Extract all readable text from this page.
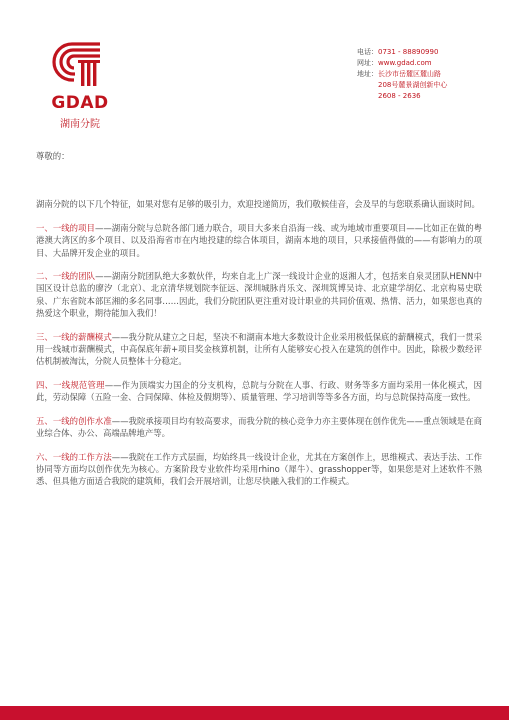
GDAD
湖南分院
电话：0731 - 88890990
网址：www.gdad.com
地址：长沙市岳麓区麓山路
208号麓景湖创新中心
2608 - 2636
尊敬的：

湖南分院的以下几个特征，如果对您有足够的吸引力，欢迎投递简历，我们敬候佳音，会及早的与您联系确认面谈时间。

一、一线的项目——湖南分院与总院各部门通力联合，项目大多来自沿海一线、或为地域市重要项目——比如正在做的粤港澳大湾区的多个项目、以及沿海省市在内地投建的综合体项目，湖南本地的项目，只承接值得做的——有影响力的项目、大品牌开发企业的项目。

二、一线的团队——湖南分院团队绝大多数伙伴，均来自北上广深一线设计企业的返湘人才，包括来自泉灵团队HENN中国区设计总监的廖汐（北京）、北京清华规划院李征远、深圳城脉肖乐文、深圳筑博吴诗、北京建学胡亿、北京构易史联泉、广东省院本部匡湘的多名同事……因此，我们分院团队更注重对设计职业的共同价值观、热情、活力，如果您也真的热爱这个职业，期待能加入我们！

三、一线的薪酬模式——我分院从建立之日起，坚决不和湖南本地大多数设计企业采用极低保底的薪酬模式，我们一贯采用一线城市薪酬模式，中高保底年薪+项目奖金核算机制，让所有人能够安心投入在建筑的创作中。因此，除极少数经评估机制被淘汰，分院人员整体十分稳定。

四、一线规范管理——作为顶端实力国企的分支机构，总院与分院在人事、行政、财务等多方面均采用一体化模式，因此，劳动保障（五险一金、合同保障、体检及假期等）、质量管理、学习培训等等多各方面，均与总院保持高度一致性。

五、一线的创作水准——我院承接项目均有较高要求，而我分院的核心竞争力亦主要体现在创作优先——重点领域是在商业综合体、办公、高端品牌地产等。

六、一线的工作方法——我院在工作方式层面，均始终具一线设计企业，尤其在方案创作上，思维模式、表达手法、工作协同等方面均以创作优先为核心。方案阶段专业软件均采用rhino（犀牛）、grasshopper等，如果您是对上述软件不熟悉、但具他方面适合我院的建筑师，我们会开展培训，让您尽快融入我们的工作模式。
